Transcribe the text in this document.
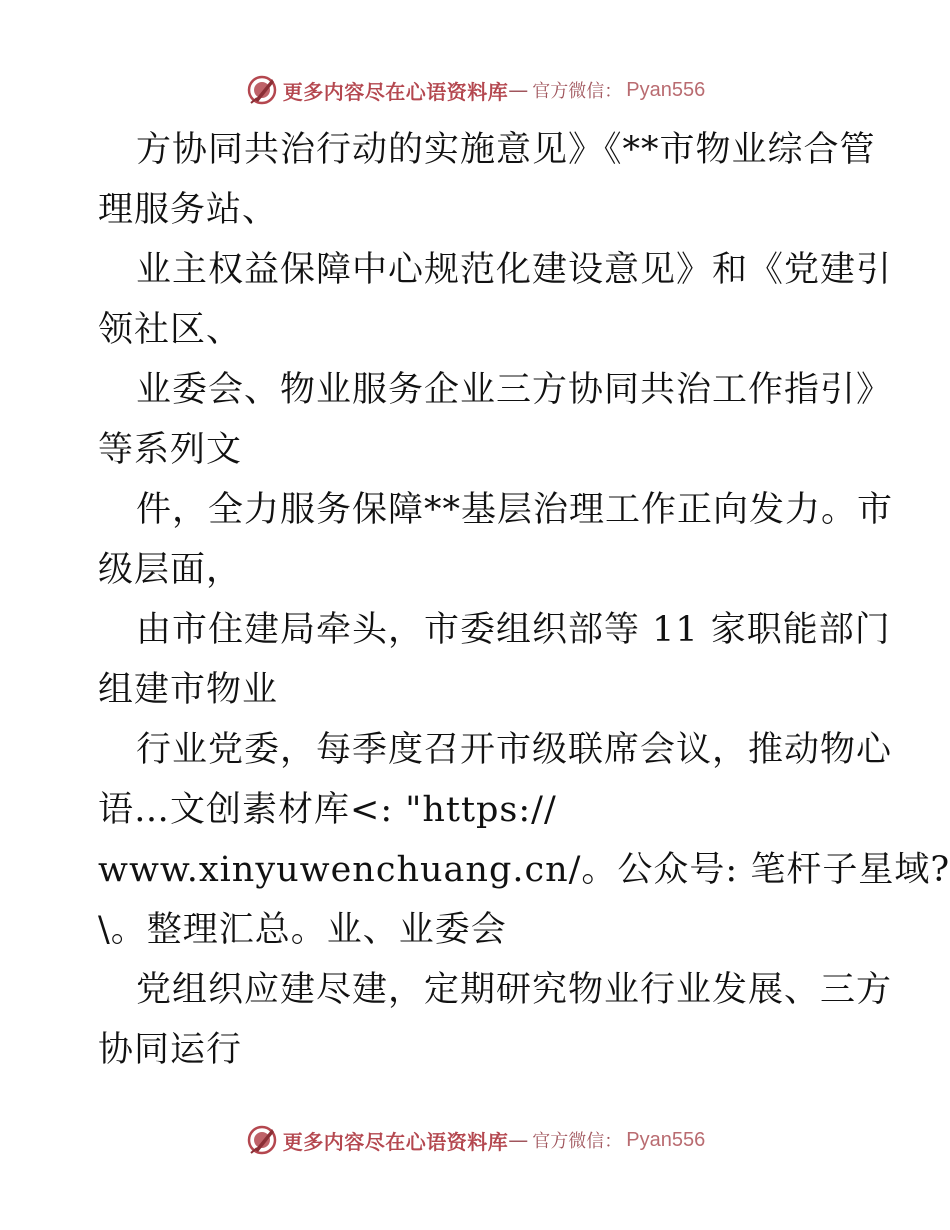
更多内容尽在心语资料库 — 官方微信： Pyan556
方协同共治行动的实施意见》《**市物业综合管
理服务站、
业主权益保障中心规范化建设意见》和《党建引
领社区、
业委会、物业服务企业三方协同共治工作指引》
等系列文
件，全力服务保障**基层治理工作正向发力。市
级层面，
由市住建局牵头，市委组织部等 11 家职能部门
组建市物业
行业党委，每季度召开市级联席会议，推动物心
语…文创素材库<: "https://
www.xinyuwenchuang.cn/。公众号: 笔杆子星域?
\。整理汇总。业、业委会
党组织应建尽建，定期研究物业行业发展、三方
协同运行
更多内容尽在心语资料库 — 官方微信： Pyan556
